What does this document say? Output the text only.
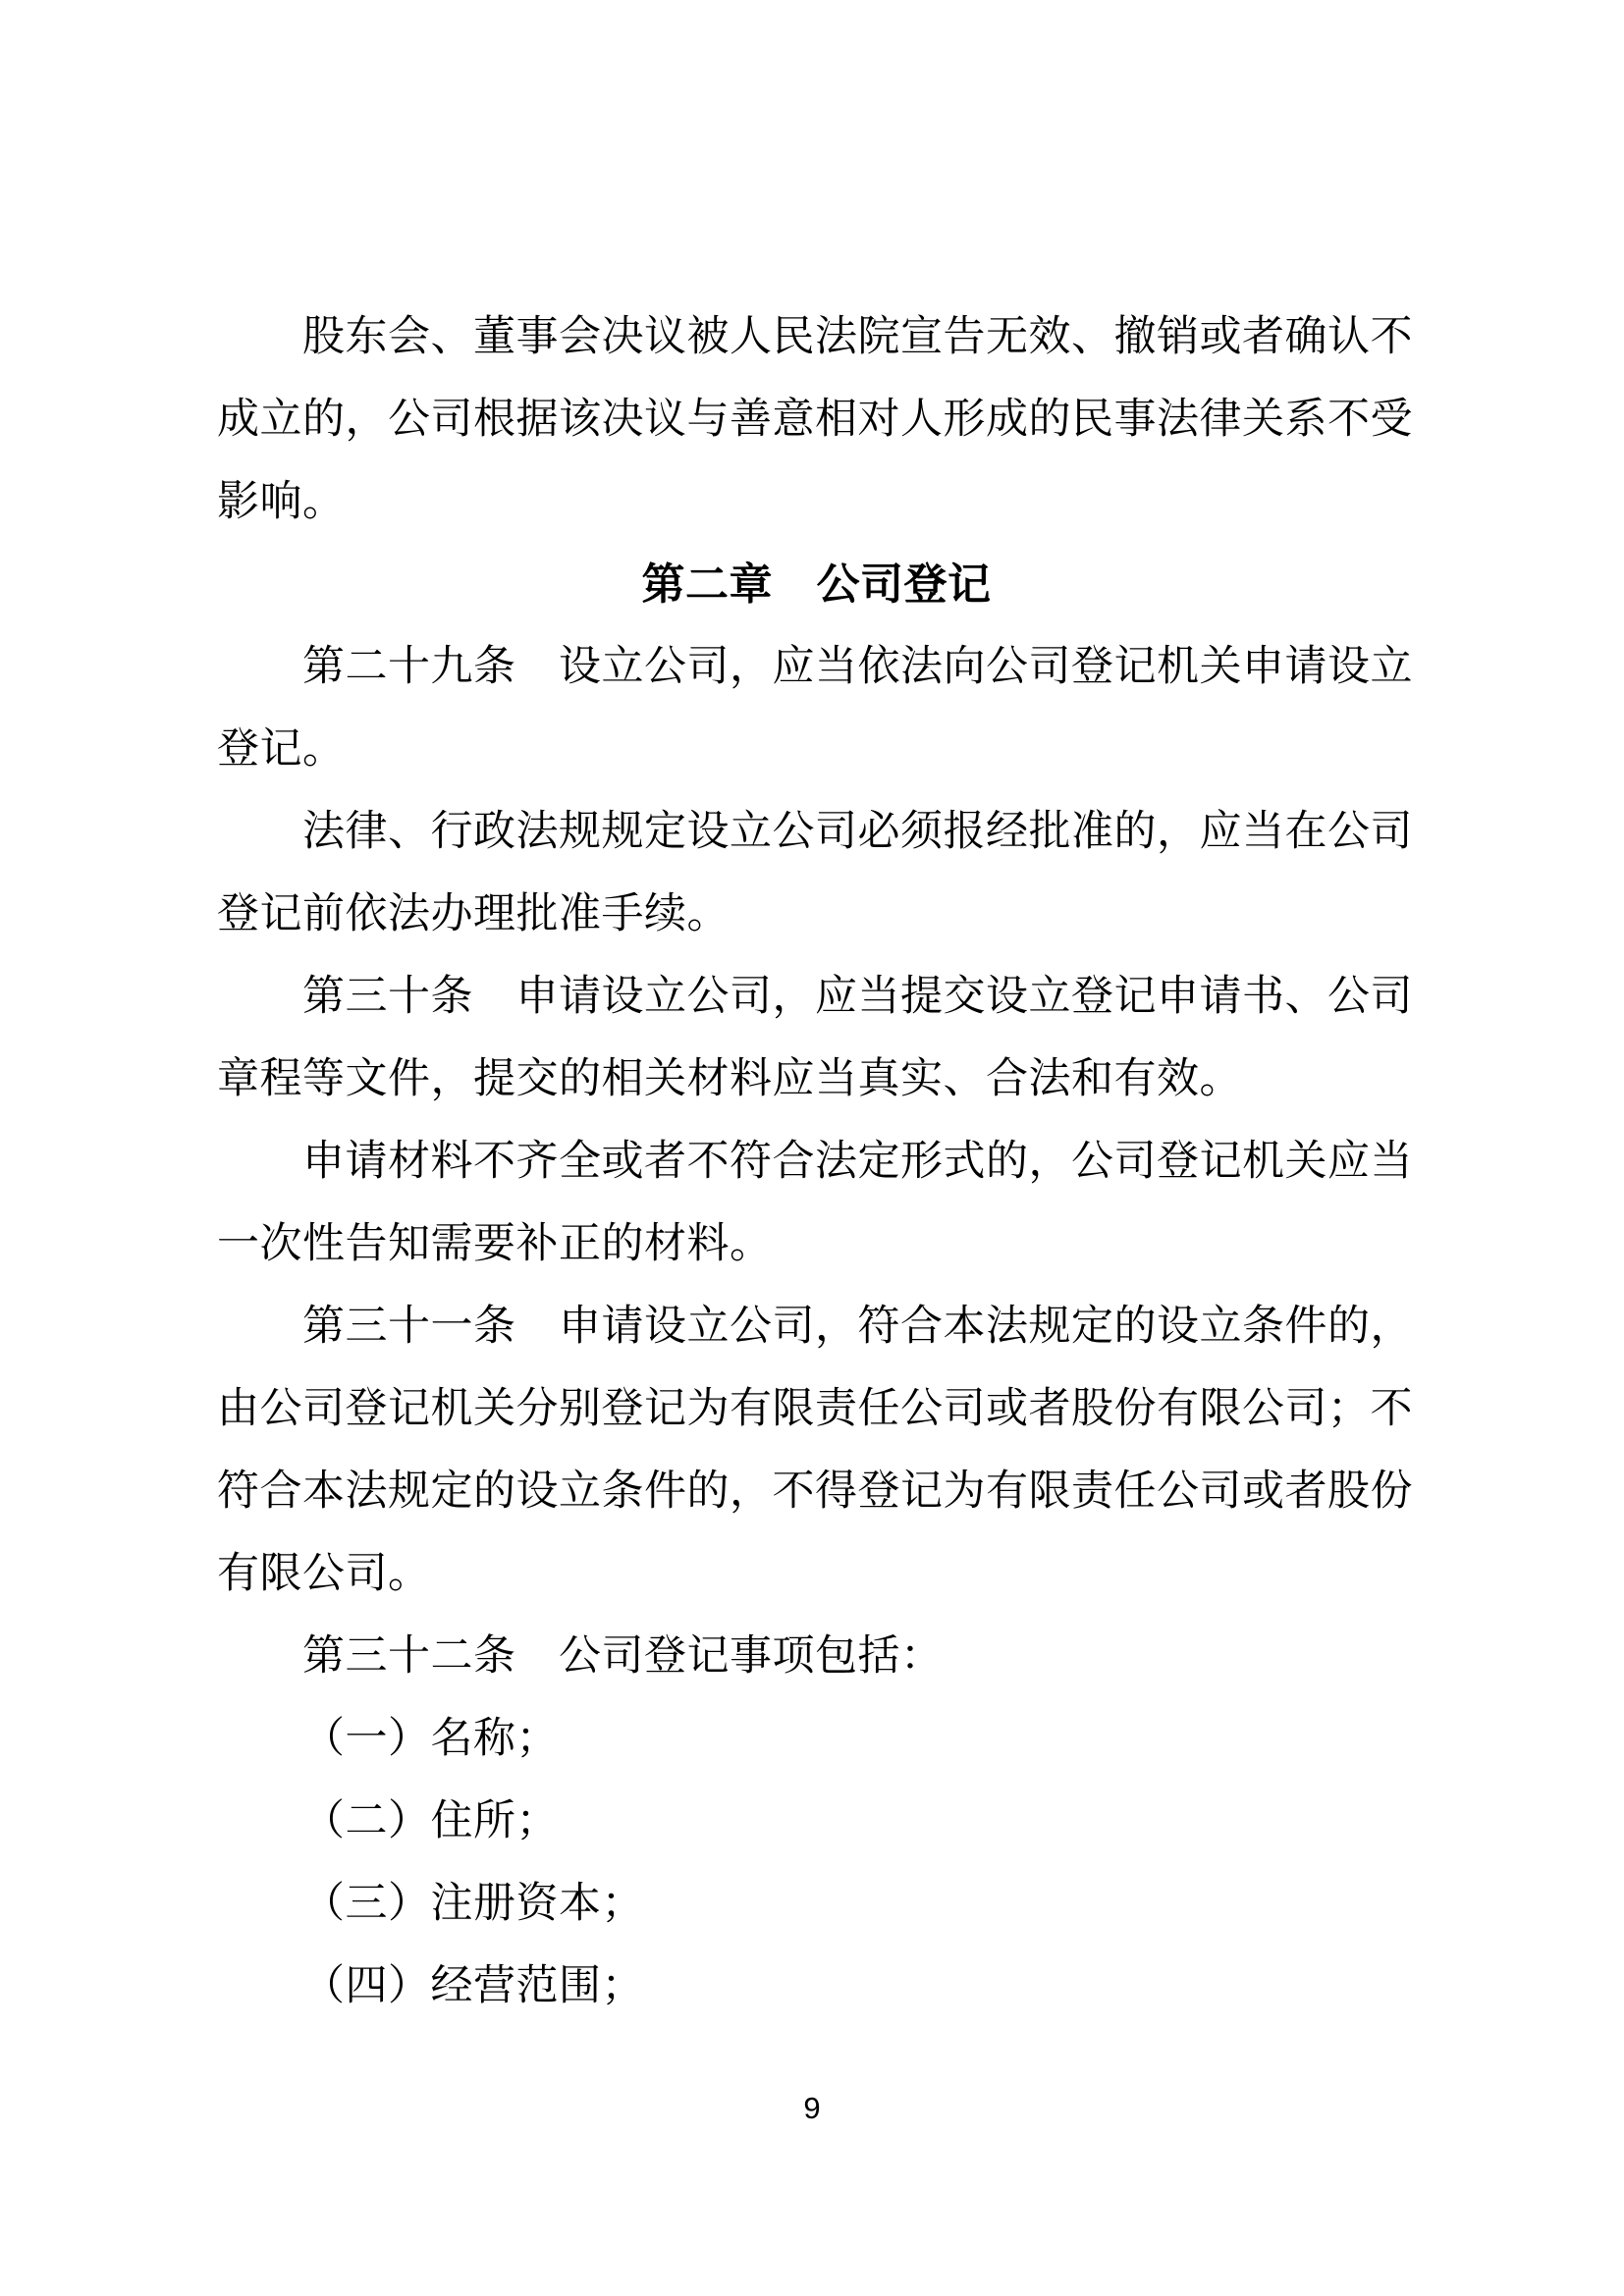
股东会、董事会决议被人民法院宣告无效、撤销或者确认不
成立的，公司根据该决议与善意相对人形成的民事法律关系不受
影响。
第二章　公司登记
第二十九条　设立公司，应当依法向公司登记机关申请设立
登记。
法律、行政法规规定设立公司必须报经批准的，应当在公司
登记前依法办理批准手续。
第三十条　申请设立公司，应当提交设立登记申请书、公司
章程等文件，提交的相关材料应当真实、合法和有效。
申请材料不齐全或者不符合法定形式的，公司登记机关应当
一次性告知需要补正的材料。
第三十一条　申请设立公司，符合本法规定的设立条件的，
由公司登记机关分别登记为有限责任公司或者股份有限公司；不
符合本法规定的设立条件的，不得登记为有限责任公司或者股份
有限公司。
第三十二条　公司登记事项包括：
（一）名称；
（二）住所；
（三）注册资本；
（四）经营范围；
9
